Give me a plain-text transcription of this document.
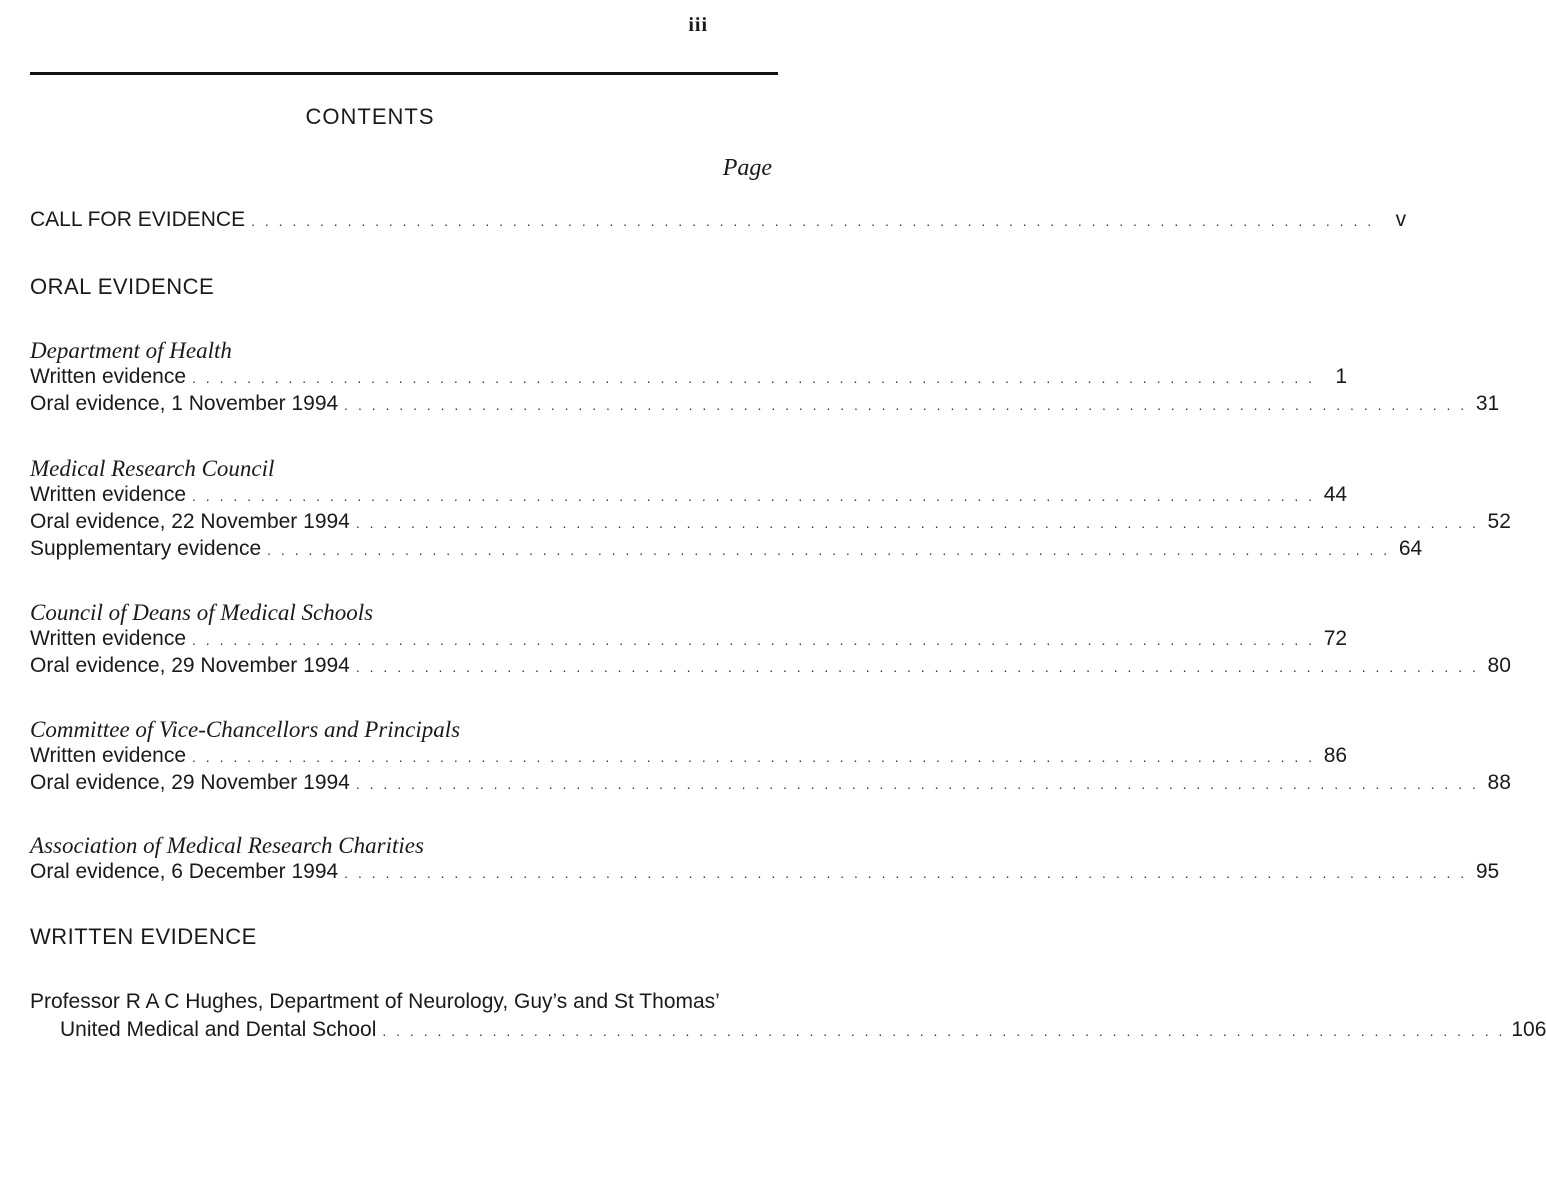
iii
CONTENTS
Page
CALL FOR EVIDENCE . . . . . . . . . . . . . . . . . . . . . . . . . . . . . . . . . . . . . . . . . . . . . . . . . . . . . . . . . . . . . . . . . . . . . . . . . . . . . . . . . .	v
ORAL EVIDENCE
Department of Health
Written evidence . . . . . . . . . . . . . . . . . . . . . . . . . . . . . . . . . . . . . . . . . . . . . . . . . . . . . . . . . . . . . . . . . . . . . . . . . . . . . . . . . . 1
Oral evidence, 1 November 1994 . . . . . . . . . . . . . . . . . . . . . . . . . . . . . . . . . . . . . . . . . . . . . . . . . . . . . . . . . . . . . . . . . . . . . . . . . . . . . . . . . . 31
Medical Research Council
Written evidence . . . . . . . . . . . . . . . . . . . . . . . . . . . . . . . . . . . . . . . . . . . . . . . . . . . . . . . . . . . . . . . . . . . . . . . . . . . . . . . . . . 44
Oral evidence, 22 November 1994 . . . . . . . . . . . . . . . . . . . . . . . . . . . . . . . . . . . . . . . . . . . . . . . . . . . . . . . . . . . . . . . . . . . . . . . . . . . . . . . . . . 52
Supplementary evidence . . . . . . . . . . . . . . . . . . . . . . . . . . . . . . . . . . . . . . . . . . . . . . . . . . . . . . . . . . . . . . . . . . . . . . . . . . . . . . . . . . 64
Council of Deans of Medical Schools
Written evidence . . . . . . . . . . . . . . . . . . . . . . . . . . . . . . . . . . . . . . . . . . . . . . . . . . . . . . . . . . . . . . . . . . . . . . . . . . . . . . . . . . 72
Oral evidence, 29 November 1994 . . . . . . . . . . . . . . . . . . . . . . . . . . . . . . . . . . . . . . . . . . . . . . . . . . . . . . . . . . . . . . . . . . . . . . . . . . . . . . . . . . 80
Committee of Vice-Chancellors and Principals
Written evidence . . . . . . . . . . . . . . . . . . . . . . . . . . . . . . . . . . . . . . . . . . . . . . . . . . . . . . . . . . . . . . . . . . . . . . . . . . . . . . . . . . 86
Oral evidence, 29 November 1994 . . . . . . . . . . . . . . . . . . . . . . . . . . . . . . . . . . . . . . . . . . . . . . . . . . . . . . . . . . . . . . . . . . . . . . . . . . . . . . . . . . 88
Association of Medical Research Charities
Oral evidence, 6 December 1994 . . . . . . . . . . . . . . . . . . . . . . . . . . . . . . . . . . . . . . . . . . . . . . . . . . . . . . . . . . . . . . . . . . . . . . . . . . . . . . . . . . 95
WRITTEN EVIDENCE
Professor R A C Hughes, Department of Neurology, Guy’s and St Thomas’
United Medical and Dental School . . . . . . . . . . . . . . . . . . . . . . . . . . . . . . . . . . . . . . . . . . . . . . . . . . . . . . . . . . . . . . . . . . . . . . . . . . . . . . . . . . 106
